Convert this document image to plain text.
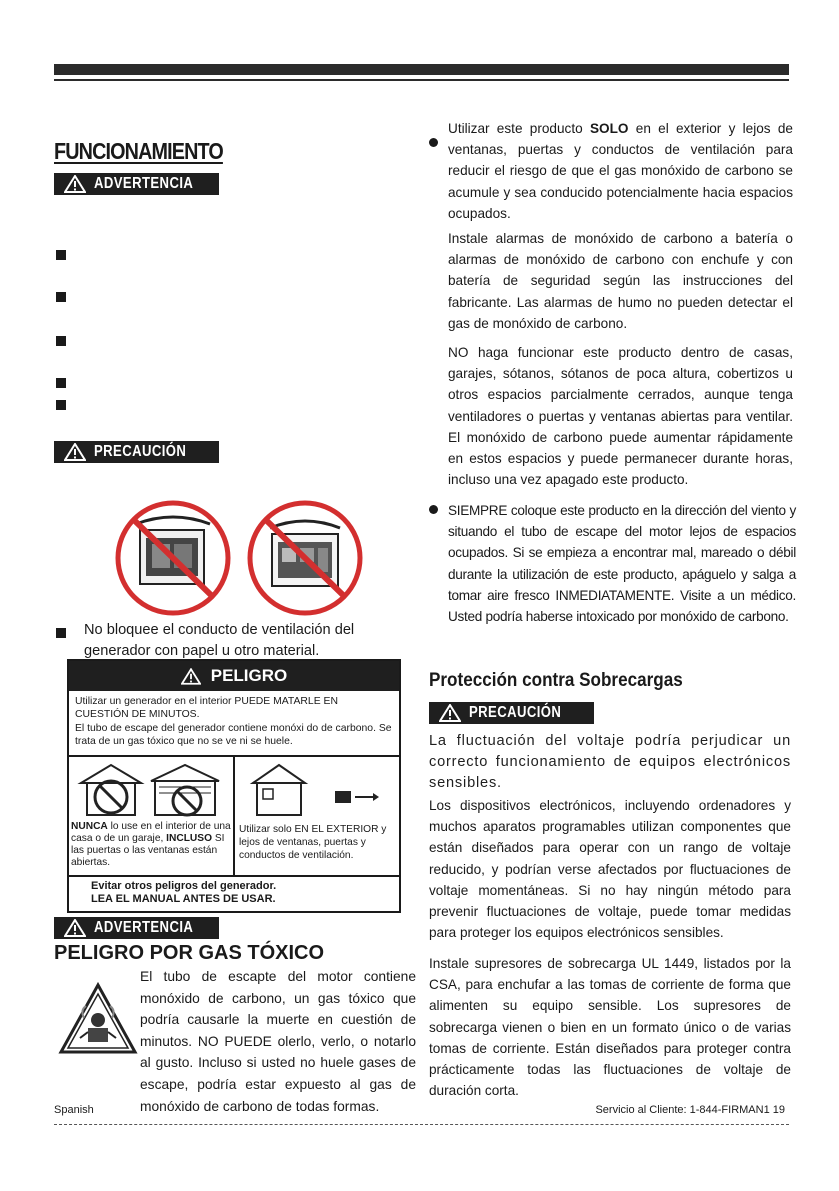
FUNCIONAMIENTO
ADVERTENCIA
PRECAUCIÓN
No bloquee el conducto de ventilación del generador con papel u otro material.
PELIGRO
Utilizar un generador en el interior PUEDE MATARLE EN CUESTIÓN DE MINUTOS.
El tubo de escape del generador contiene monóxi do de carbono. Se trata de un gas tóxico que no se ve ni se huele.
NUNCA lo use en el interior de una casa o de un garaje, INCLUSO SI las puertas o las ventanas están abiertas.
Utilizar solo EN EL EXTERIOR y lejos de ventanas, puertas y conductos de ventilación.
Evitar otros peligros del generador.
LEA EL MANUAL ANTES DE USAR.
ADVERTENCIA
PELIGRO POR GAS TÓXICO
El tubo de escapte del motor contiene monóxido de carbono, un gas tóxico que podría causarle la muerte en cuestión de minutos. NO PUEDE olerlo, verlo, o notarlo al gusto. Incluso si usted no huele gases de escape, podría estar expuesto al gas de monóxido de carbono de todas formas.
Utilizar este producto SOLO en el exterior y lejos de ventanas, puertas y conductos de ventilación para reducir el riesgo de que el gas monóxido de carbono se acumule y sea conducido potencialmente hacia espacios ocupados.
Instale alarmas de monóxido de carbono a batería o alarmas de monóxido de carbono con enchufe y con batería de seguridad según las instrucciones del fabricante. Las alarmas de humo no pueden detectar el gas de monóxido de carbono.
NO haga funcionar este producto dentro de casas, garajes, sótanos, sótanos de poca altura, cobertizos u otros espacios parcialmente cerrados, aunque tenga ventiladores o puertas y ventanas abiertas para ventilar. El monóxido de carbono puede aumentar rápidamente en estos espacios y puede permanecer durante horas, incluso una vez apagado este producto.
SIEMPRE coloque este producto en la dirección del viento y situando el tubo de escape del motor lejos de espacios ocupados. Si se empieza a encontrar mal, mareado o débil durante la utilización de este producto, apáguelo y salga a tomar aire fresco INMEDIATAMENTE. Visite a un médico. Usted podría haberse intoxicado por monóxido de carbono.
Protección contra Sobrecargas
PRECAUCIÓN
La fluctuación del voltaje podría perjudicar un correcto funcionamiento de equipos electrónicos sensibles.
Los dispositivos electrónicos, incluyendo ordenadores y muchos aparatos programables utilizan componentes que están diseñados para operar con un rango de voltaje reducido, y podrían verse afectados por fluctuaciones de voltaje momentáneas. Si no hay ningún método para prevenir fluctuaciones de voltaje, puede tomar medidas para proteger los equipos electrónicos sensibles.
Instale supresores de sobrecarga UL 1449, listados por la CSA, para enchufar a las tomas de corriente de forma que alimenten su equipo sensible. Los supresores de sobrecarga vienen o bien en un formato único o de varias tomas de corriente. Están diseñados para proteger contra prácticamente todas las fluctuaciones de voltaje de duración corta.
Spanish	Servicio al Cliente: 1-844-FIRMAN1 19
